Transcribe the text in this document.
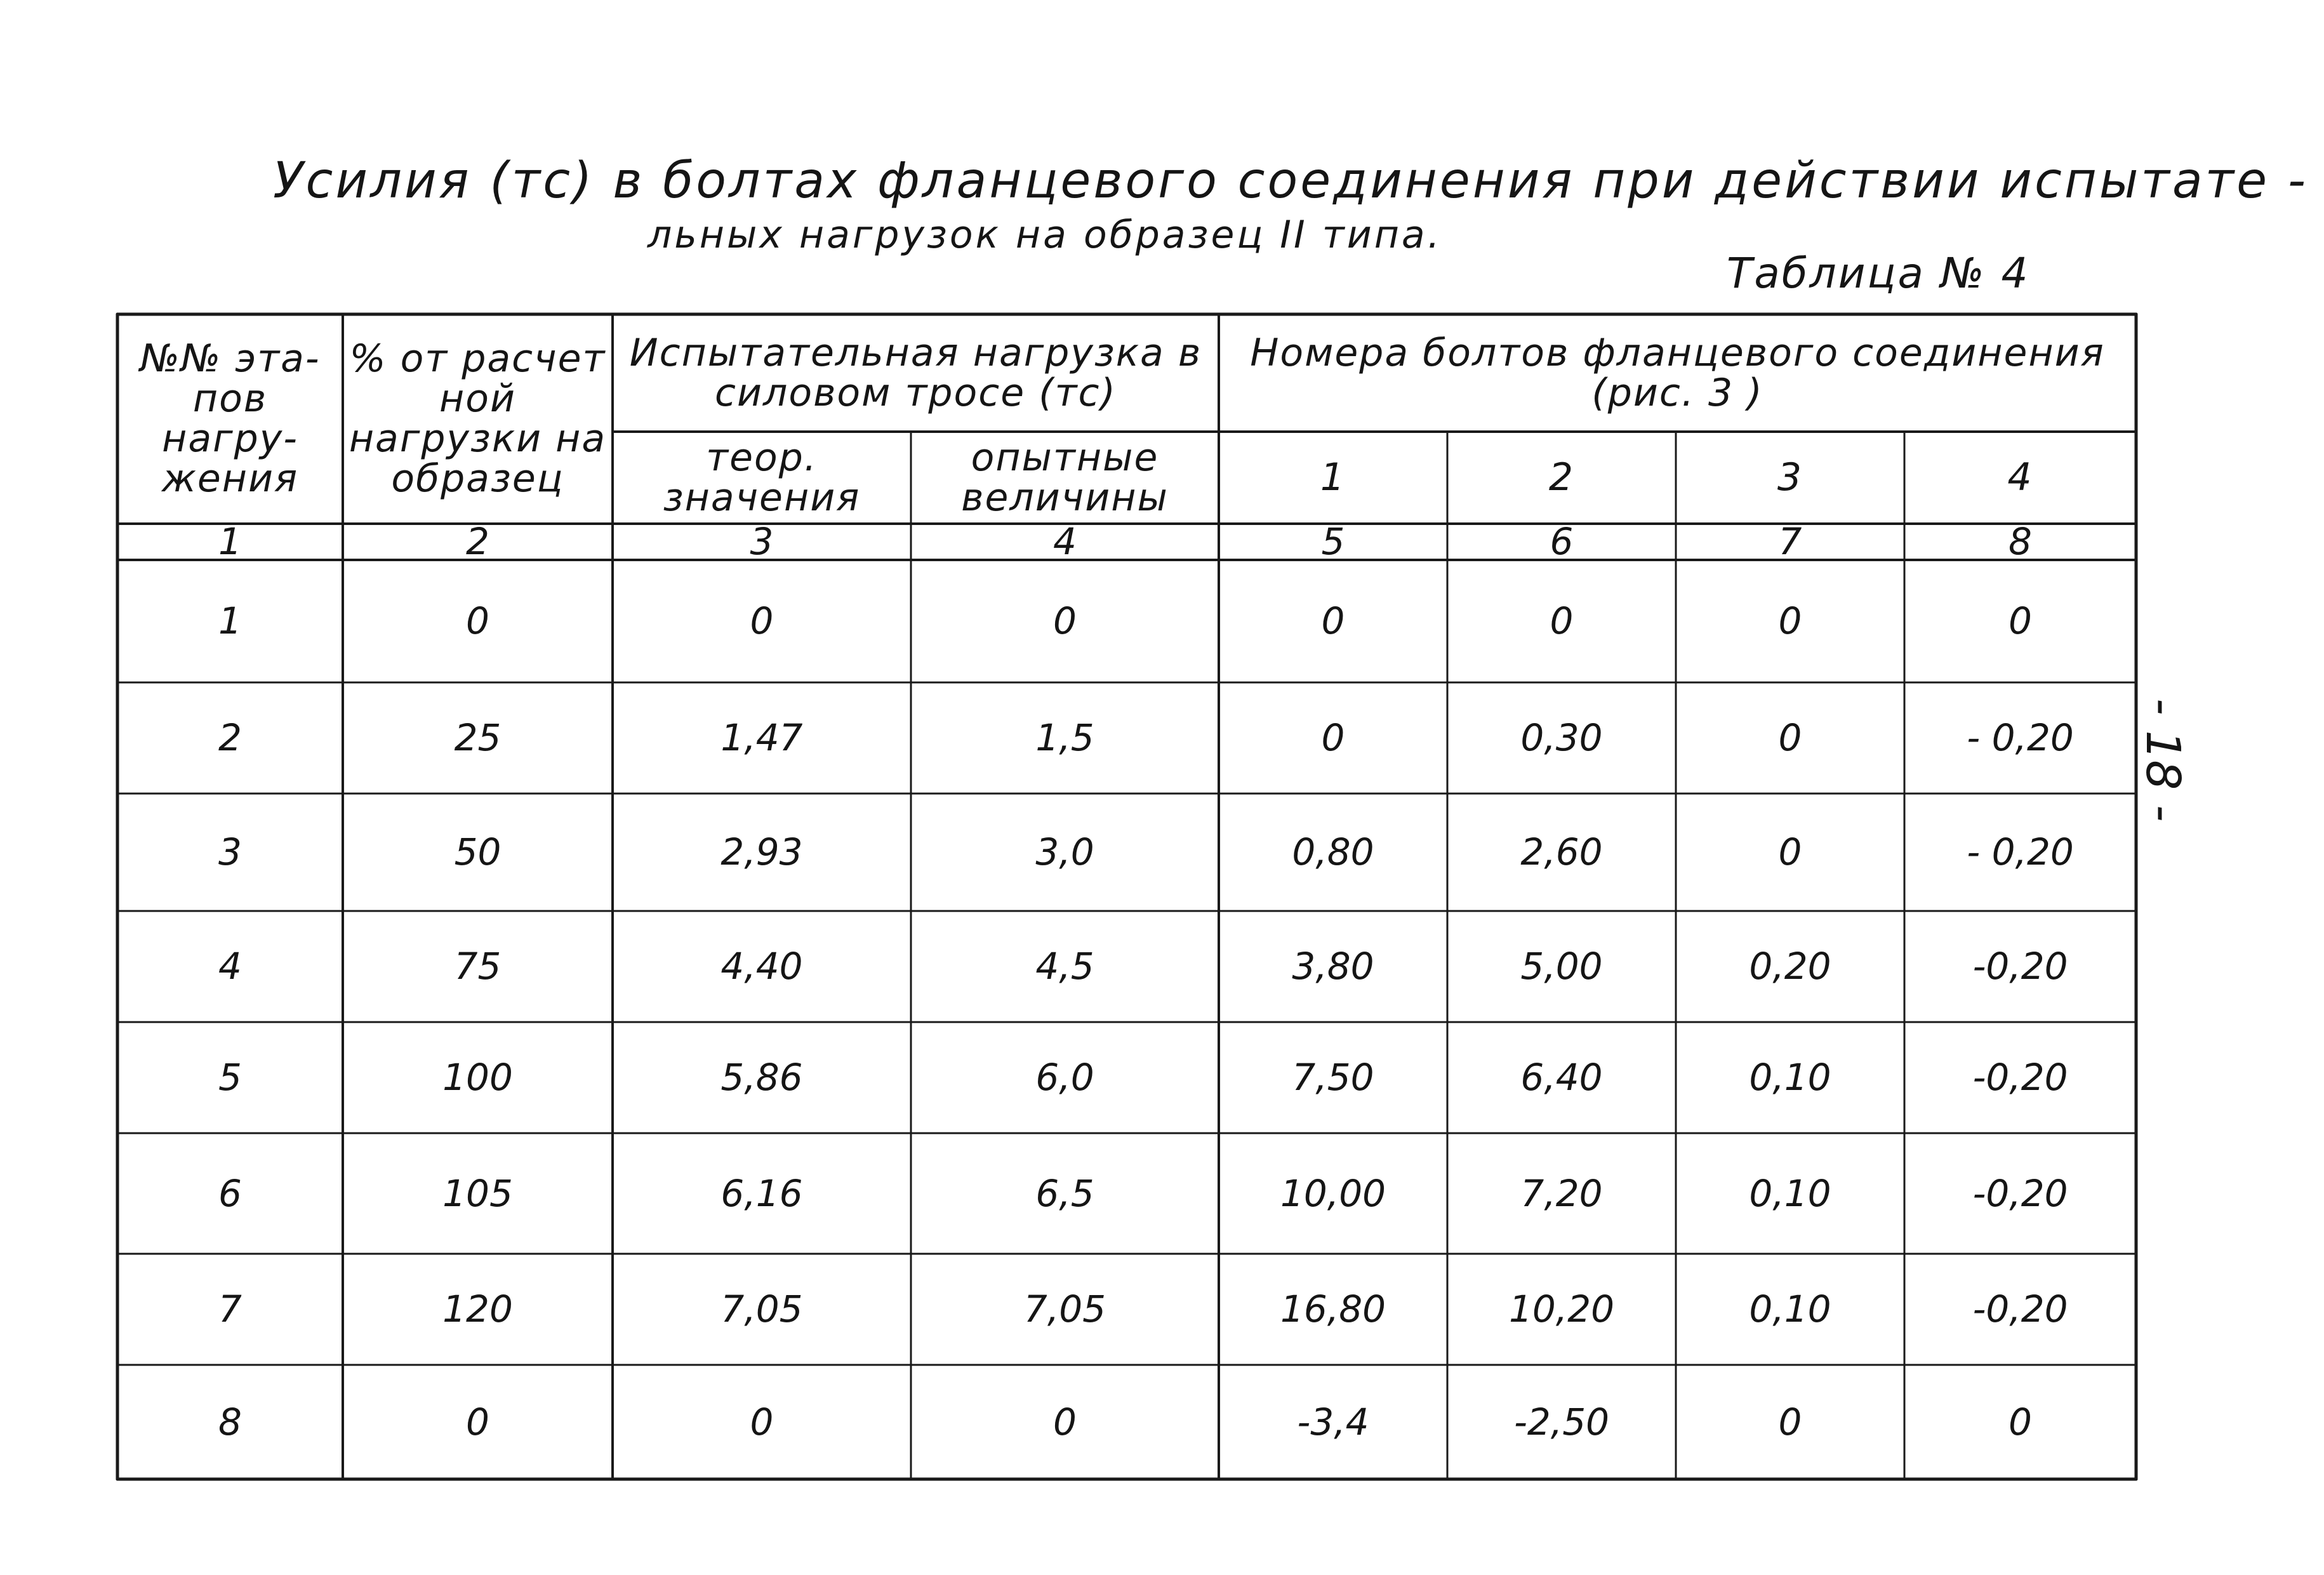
Усилия (тс) в болтах фланцевого соединения при действии испытате -
льных нагрузок на образец II типа.
Таблица № 4
- 18 -
№№ эта- пов нагру- жения
% от расчет ной нагрузки на образец
Испытательная нагрузка в силовом тросе (тс)
теор. значения
опытные величины
Номера болтов фланцевого соединения (рис. 3 )
1	2	3	4
1	2	3	4	5	6	7	8
1	0	0	0	0	0	0	0
2	25	1,47	1,5	0	0,30	0	- 0,20
3	50	2,93	3,0	0,80	2,60	0	- 0,20
4	75	4,40	4,5	3,80	5,00	0,20	-0,20
5	100	5,86	6,0	7,50	6,40	0,10	-0,20
6	105	6,16	6,5	10,00	7,20	0,10	-0,20
7	120	7,05	7,05	16,80	10,20	0,10	-0,20
8	0	0	0	-3,4	-2,50	0	0
